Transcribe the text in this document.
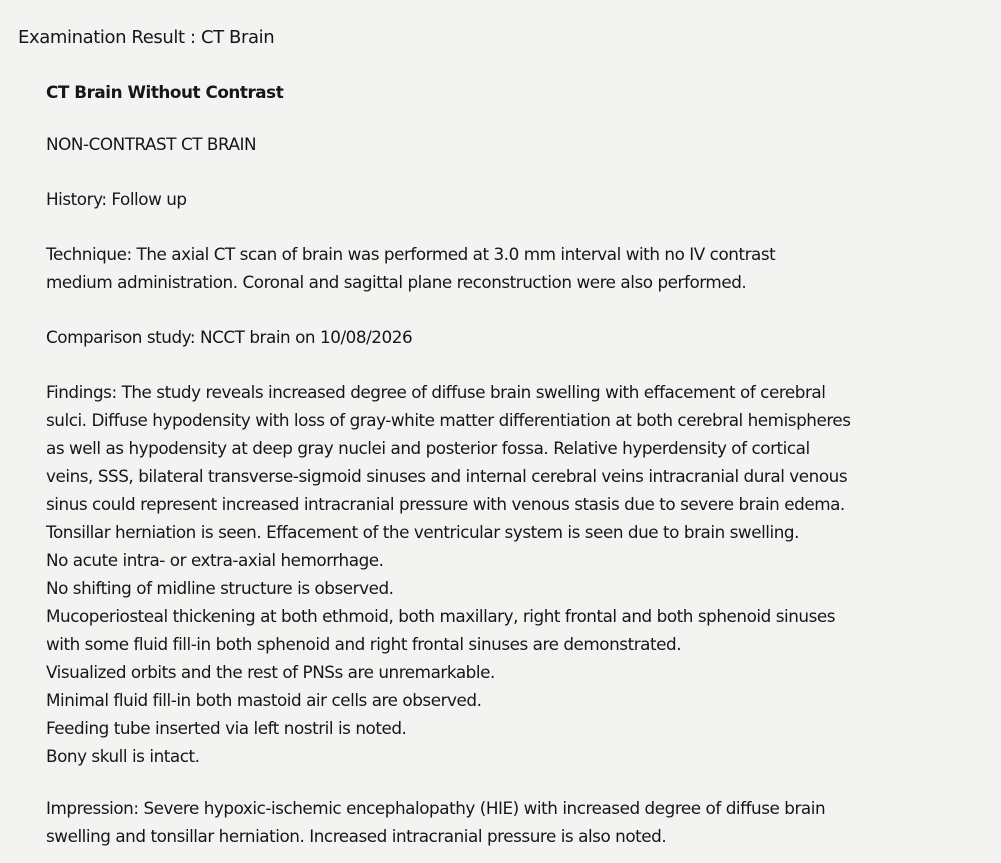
Examination Result : CT Brain

CT Brain Without Contrast

NON-CONTRAST CT BRAIN

History: Follow up

Technique: The axial CT scan of brain was performed at 3.0 mm interval with no IV contrast

medium administration. Coronal and sagittal plane reconstruction were also performed.

Comparison study: NCCT brain on 10/08/2026

Findings: The study reveals increased degree of diffuse brain swelling with effacement of cerebral

sulci. Diffuse hypodensity with loss of gray-white matter differentiation at both cerebral hemispheres

as well as hypodensity at deep gray nuclei and posterior fossa. Relative hyperdensity of cortical

veins, SSS, bilateral transverse-sigmoid sinuses and internal cerebral veins intracranial dural venous

sinus could represent increased intracranial pressure with venous stasis due to severe brain edema.

Tonsillar herniation is seen. Effacement of the ventricular system is seen due to brain swelling.

No acute intra- or extra-axial hemorrhage.

No shifting of midline structure is observed.

Mucoperiosteal thickening at both ethmoid, both maxillary, right frontal and both sphenoid sinuses

with some fluid fill-in both sphenoid and right frontal sinuses are demonstrated.

Visualized orbits and the rest of PNSs are unremarkable.

Minimal fluid fill-in both mastoid air cells are observed.

Feeding tube inserted via left nostril is noted.

Bony skull is intact.

Impression: Severe hypoxic-ischemic encephalopathy (HIE) with increased degree of diffuse brain

swelling and tonsillar herniation. Increased intracranial pressure is also noted.
